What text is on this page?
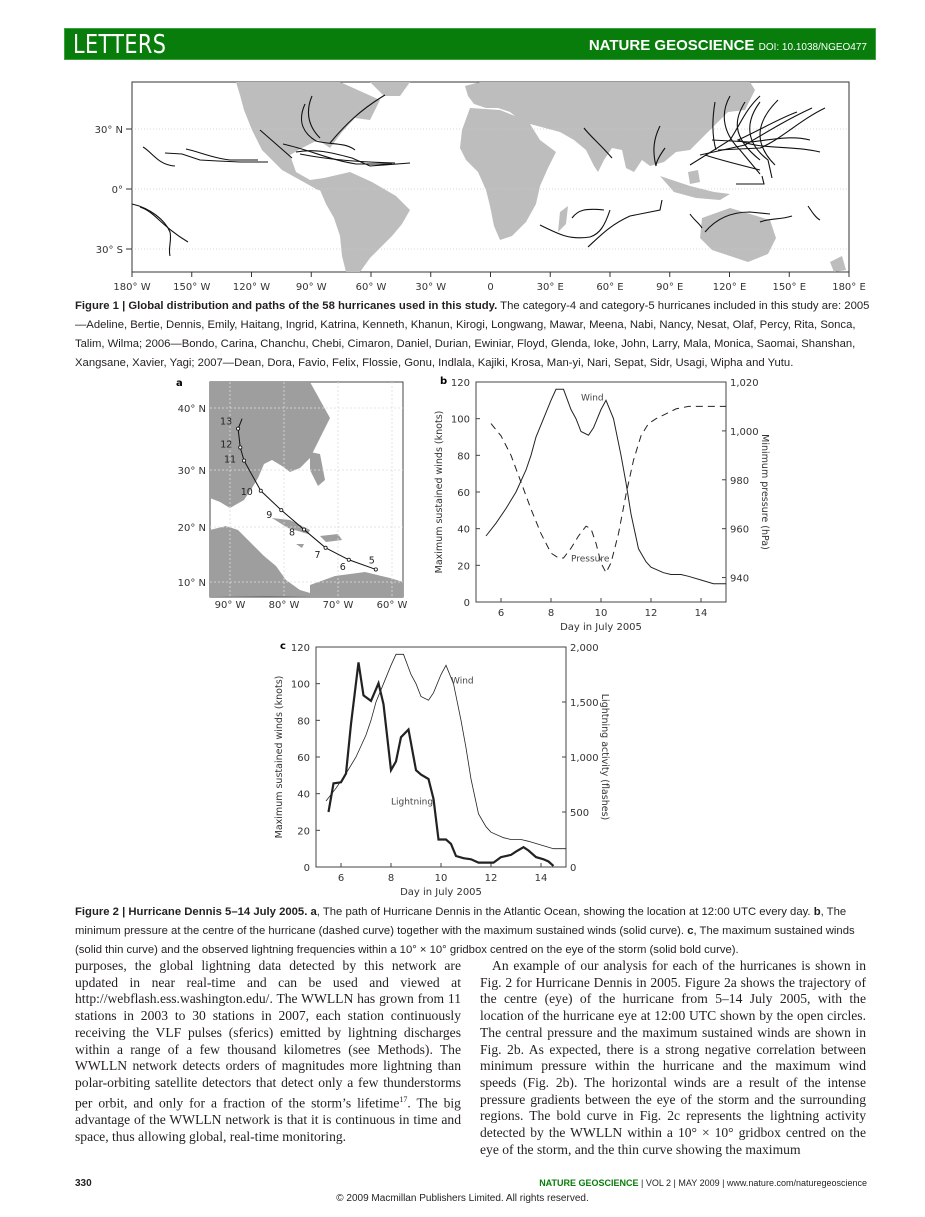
LETTERS	NATURE GEOSCIENCE DOI: 10.1038/NGEO477
30° N
0°
30° S
180° W 150° W 120° W	90° W	60° W	30° W	0	30° E	60° E	90° E	120° E	150° E	180° E
Figure 1 | Global distribution and paths of the 58 hurricanes used in this study. The category-4 and category-5 hurricanes included in this study are: 2005—Adeline, Bertie, Dennis, Emily, Haitang, Ingrid, Katrina, Kenneth, Khanun, Kirogi, Longwang, Mawar, Meena, Nabi, Nancy, Nesat, Olaf, Percy, Rita, Sonca, Talim, Wilma; 2006—Bondo, Carina, Chanchu, Chebi, Cimaron, Daniel, Durian, Ewiniar, Floyd, Glenda, Ioke, John, Larry, Mala, Monica, Saomai, Shanshan, Xangsane, Xavier, Yagi; 2007—Dean, Dora, Favio, Felix, Flossie, Gonu, Indlala, Kajiki, Krosa, Man-yi, Nari, Sepat, Sidr, Usagi, Wipha and Yutu.
a
5
6
7
8
9
10
11
12
13
40° N
30° N
20° N
10° N
90° W 80° W 70° W 60° W
b
0
20
40
60
80
100
120
940
960
980
1,000
1,020
6	8	10	12	14
Day in July 2005
Maximum sustained winds (knots)	Minimum pressure (hPa)
Wind
Pressure
c
0
20
40
60
80
100
120
0
500
1,000
1,500
2,000
6	8	10	12	14
Day in July 2005
Maximum sustained winds (knots)	Lightning activity (flashes)
Wind
Lightning
Figure 2 | Hurricane Dennis 5–14 July 2005. a, The path of Hurricane Dennis in the Atlantic Ocean, showing the location at 12:00 UTC every day. b, The minimum pressure at the centre of the hurricane (dashed curve) together with the maximum sustained winds (solid curve). c, The maximum sustained winds (solid thin curve) and the observed lightning frequencies within a 10° × 10° gridbox centred on the eye of the storm (solid bold curve).
purposes, the global lightning data detected by this network are updated in near real-time and can be used and viewed at http://webflash.ess.washington.edu/. The WWLLN has grown from 11 stations in 2003 to 30 stations in 2007, each station continuously receiving the VLF pulses (sferics) emitted by lightning discharges within a range of a few thousand kilometres (see Methods). The WWLLN network detects orders of magnitudes more lightning than polar-orbiting satellite detectors that detect only a few thunderstorms per orbit, and only for a fraction of the storm’s lifetime$^{17}$. The big advantage of the WWLLN network is that it is continuous in time and space, thus allowing global, real-time monitoring.
An example of our analysis for each of the hurricanes is shown in Fig. 2 for Hurricane Dennis in 2005. Figure 2a shows the trajectory of the centre (eye) of the hurricane from 5–14 July 2005, with the location of the hurricane eye at 12:00 UTC shown by the open circles. The central pressure and the maximum sustained winds are shown in Fig. 2b. As expected, there is a strong negative correlation between minimum pressure within the hurricane and the maximum wind speeds (Fig. 2b). The horizontal winds are a result of the intense pressure gradients between the eye of the storm and the surrounding regions. The bold curve in Fig. 2c represents the lightning activity detected by the WWLLN within a 10° × 10° gridbox centred on the eye of the storm, and the thin curve showing the maximum
330	NATURE GEOSCIENCE | VOL 2 | MAY 2009 | www.nature.com/naturegeoscience
© 2009 Macmillan Publishers Limited. All rights reserved.
